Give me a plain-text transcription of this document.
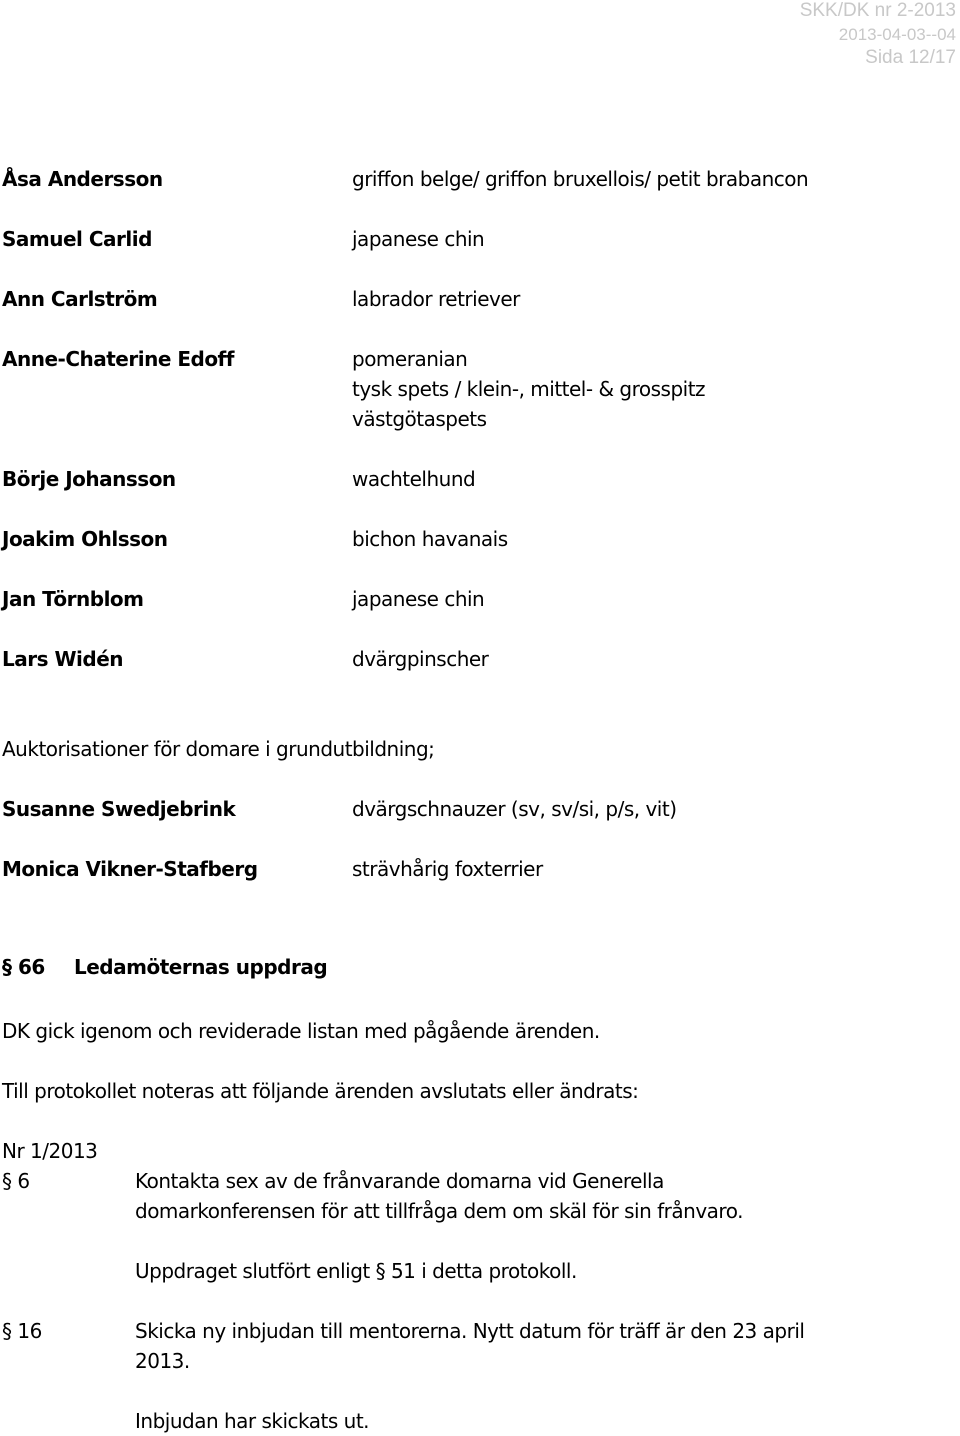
SKK/DK nr 2-2013
2013-04-03--04
Sida 12/17
Åsa Andersson	griffon belge/ griffon bruxellois/ petit brabancon
Samuel Carlid	japanese chin
Ann Carlström	labrador retriever
Anne-Chaterine Edoff	pomeranian
tysk spets / klein-, mittel- & grosspitz
västgötaspets
Börje Johansson	wachtelhund
Joakim Ohlsson	bichon havanais
Jan Törnblom	japanese chin
Lars Widén	dvärgpinscher
Auktorisationer för domare i grundutbildning;
Susanne Swedjebrink	dvärgschnauzer (sv, sv/si, p/s, vit)
Monica Vikner-Stafberg	strävhårig foxterrier
§ 66 Ledamöternas uppdrag
DK gick igenom och reviderade listan med pågående ärenden.
Till protokollet noteras att följande ärenden avslutats eller ändrats:
Nr 1/2013
§ 6	Kontakta sex av de frånvarande domarna vid Generella
domarkonferensen för att tillfråga dem om skäl för sin frånvaro.
Uppdraget slutfört enligt § 51 i detta protokoll.
§ 16	Skicka ny inbjudan till mentorerna. Nytt datum för träff är den 23 april
2013.
Inbjudan har skickats ut.
